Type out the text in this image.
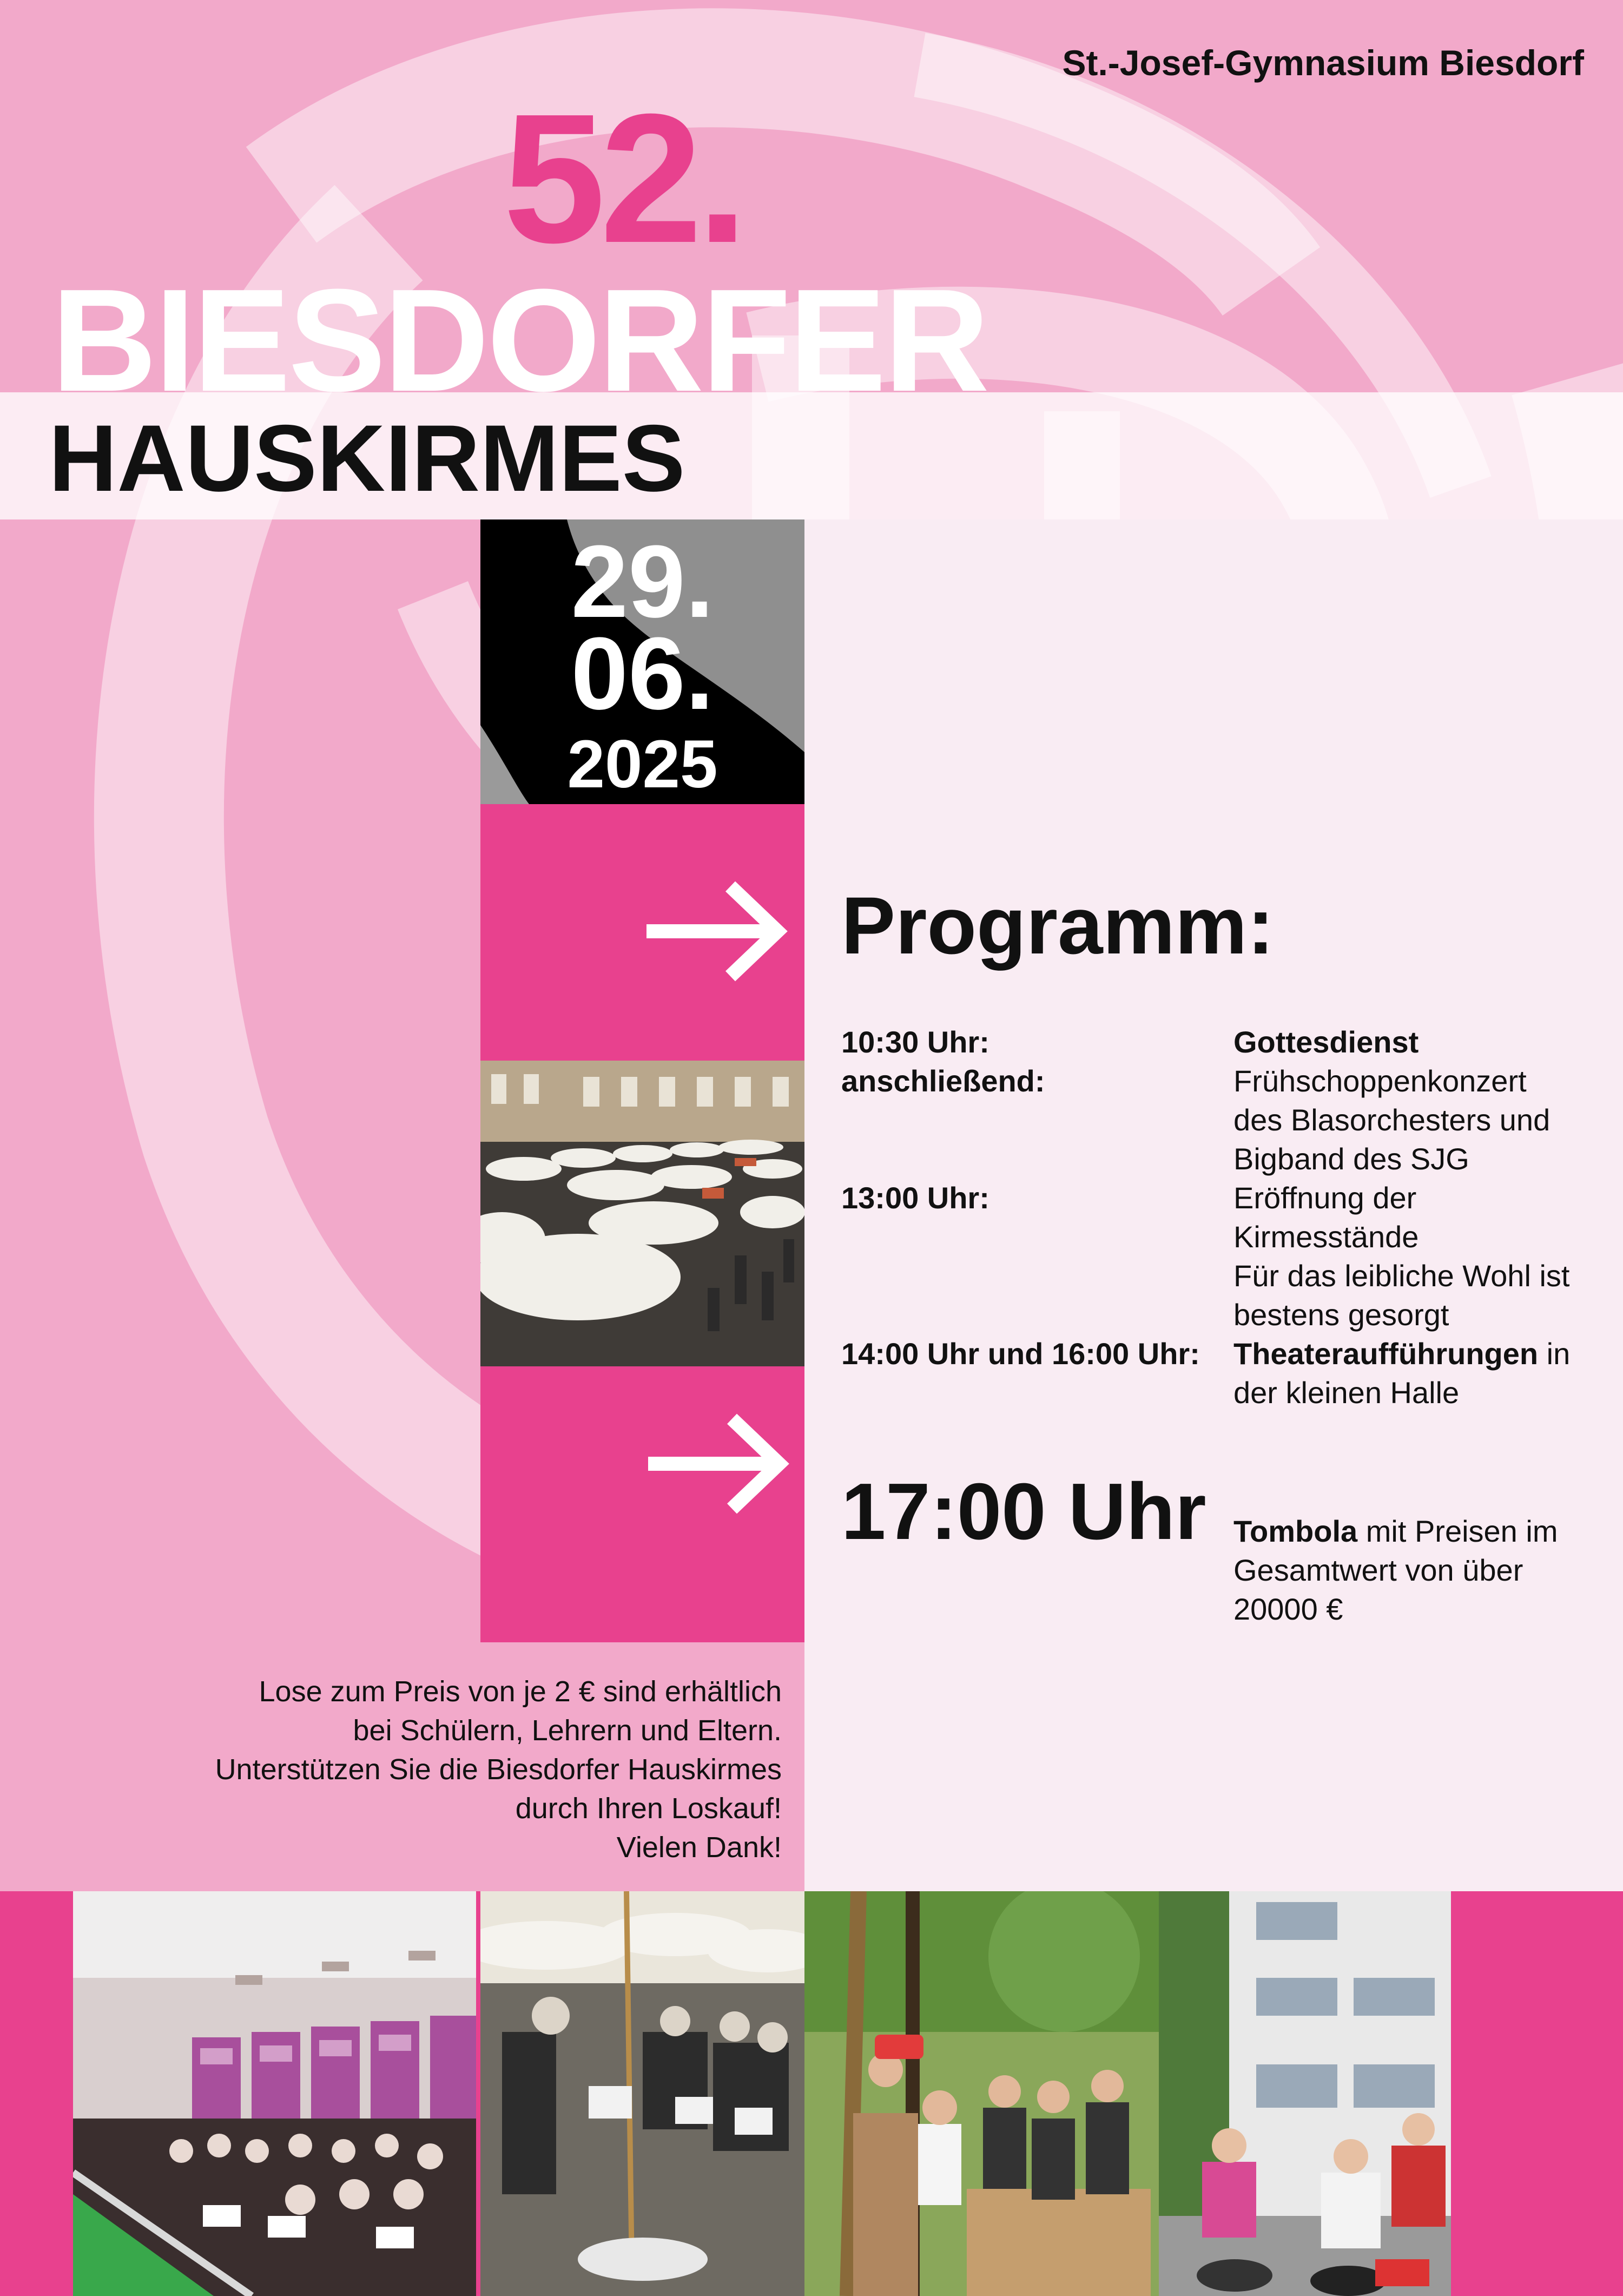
St.-Josef-Gymnasium Biesdorf
52.
BIESDORFER
HAUSKIRMES
29.
06.
2025
Programm:
10:30 Uhr:	Gottesdienst
anschließend:	Frühschoppenkonzert
des Blasorchesters und
Bigband des SJG
13:00 Uhr:	Eröffnung der
Kirmesstände
Für das leibliche Wohl ist
bestens gesorgt
14:00 Uhr und 16:00 Uhr: Theateraufführungen in
der kleinen Halle
17:00 Uhr Tombola mit Preisen im
Gesamtwert von über
20000 €
Lose zum Preis von je 2 € sind erhältlich
bei Schülern, Lehrern und Eltern.
Unterstützen Sie die Biesdorfer Hauskirmes
durch Ihren Loskauf!
Vielen Dank!
